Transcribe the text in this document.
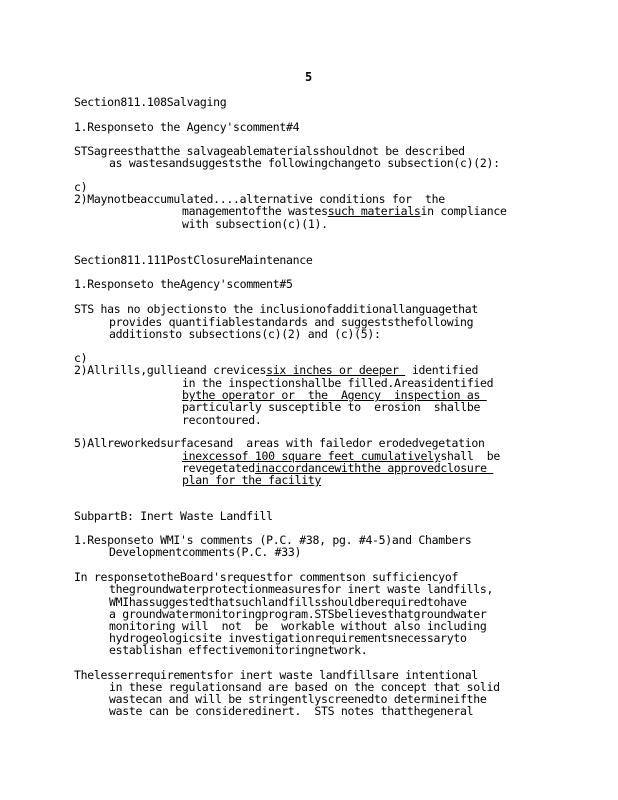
5
Section811.108Salvaging
1.Responseto the Agency'scomment#4
STSagreesthatthe salvageablematerialsshouldnot be described
as wastesandsuggeststhe followingchangeto subsection(c)(2):
c)
2)Maynotbeaccumulated....alternative conditions for  the
managementofthe wastessuch materialsin compliance
with subsection(c)(1).
Section811.111PostClosureMaintenance
1.Responseto theAgency'scomment#5
STS has no objectionsto the inclusionofadditionallanguagethat
provides quantifiablestandards and suggeststhefollowing
additionsto subsections(c)(2) and (c)(5):
c)
2)Allrills,gullieand crevicessix inches or deeper  identified
in the inspectionshallbe filled.Areasidentified
bythe operator or  the  Agency  inspection as
particularly susceptible to  erosion  shallbe
recontoured.
5)Allreworkedsurfacesand  areas with failedor erodedvegetation
inexcessof 100 square feet cumulativelyshall  be
revegetatedinaccordancewiththe approvedclosure
plan for the facility
SubpartB: Inert Waste Landfill
1.Responseto WMI's comments (P.C. #38, pg. #4-5)and Chambers
Developmentcomments(P.C. #33)
In responsetotheBoard'srequestfor commentson sufficiencyof
thegroundwaterprotectionmeasuresfor inert waste landfills,
WMIhassuggestedthatsuchlandfillsshouldberequiredtohave
a groundwatermonitoringprogram.STSbelievesthatgroundwater
monitoring will  not  be  workable without also including
hydrogeologicsite investigationrequirementsnecessaryto
establishan effectivemonitoringnetwork.
Thelesserrequirementsfor inert waste landfillsare intentional
in these regulationsand are based on the concept that solid
wastecan and will be stringentlyscreenedto determineifthe
waste can be consideredinert.  STS notes thatthegeneral
